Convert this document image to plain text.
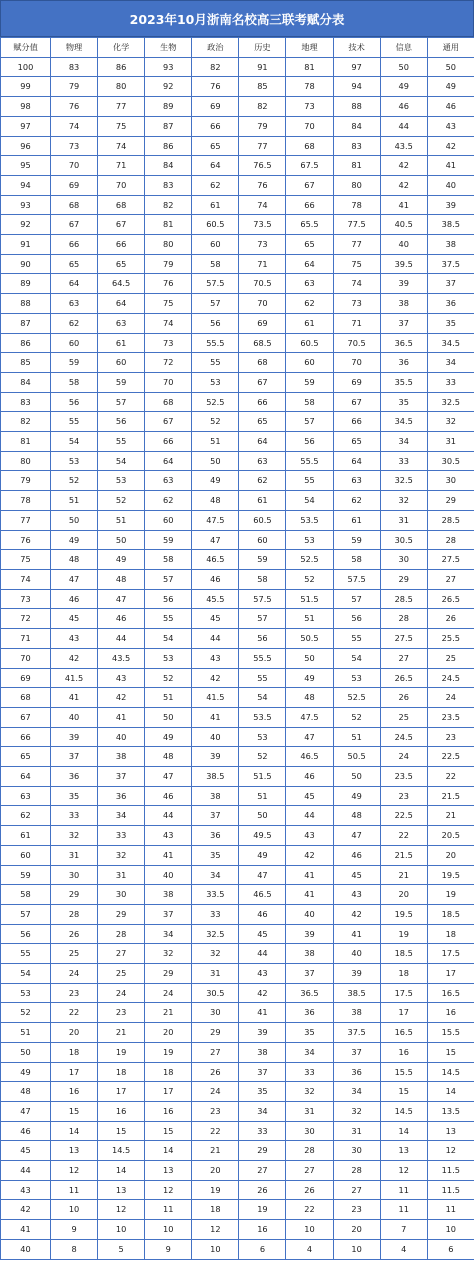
2023年10月浙南名校高三联考赋分表
赋分值	物理	化学	生物	政治	历史	地理	技术	信息	通用
100	83	86	93	82	91	81	97	50	50
99	79	80	92	76	85	78	94	49	49
98	76	77	89	69	82	73	88	46	46
97	74	75	87	66	79	70	84	44	43
96	73	74	86	65	77	68	83	43.5	42
95	70	71	84	64	76.5	67.5	81	42	41
94	69	70	83	62	76	67	80	42	40
93	68	68	82	61	74	66	78	41	39
92	67	67	81	60.5	73.5	65.5	77.5	40.5	38.5
91	66	66	80	60	73	65	77	40	38
90	65	65	79	58	71	64	75	39.5	37.5
89	64	64.5	76	57.5	70.5	63	74	39	37
88	63	64	75	57	70	62	73	38	36
87	62	63	74	56	69	61	71	37	35
86	60	61	73	55.5	68.5	60.5	70.5	36.5	34.5
85	59	60	72	55	68	60	70	36	34
84	58	59	70	53	67	59	69	35.5	33
83	56	57	68	52.5	66	58	67	35	32.5
82	55	56	67	52	65	57	66	34.5	32
81	54	55	66	51	64	56	65	34	31
80	53	54	64	50	63	55.5	64	33	30.5
79	52	53	63	49	62	55	63	32.5	30
78	51	52	62	48	61	54	62	32	29
77	50	51	60	47.5	60.5	53.5	61	31	28.5
76	49	50	59	47	60	53	59	30.5	28
75	48	49	58	46.5	59	52.5	58	30	27.5
74	47	48	57	46	58	52	57.5	29	27
73	46	47	56	45.5	57.5	51.5	57	28.5	26.5
72	45	46	55	45	57	51	56	28	26
71	43	44	54	44	56	50.5	55	27.5	25.5
70	42	43.5	53	43	55.5	50	54	27	25
69	41.5	43	52	42	55	49	53	26.5	24.5
68	41	42	51	41.5	54	48	52.5	26	24
67	40	41	50	41	53.5	47.5	52	25	23.5
66	39	40	49	40	53	47	51	24.5	23
65	37	38	48	39	52	46.5	50.5	24	22.5
64	36	37	47	38.5	51.5	46	50	23.5	22
63	35	36	46	38	51	45	49	23	21.5
62	33	34	44	37	50	44	48	22.5	21
61	32	33	43	36	49.5	43	47	22	20.5
60	31	32	41	35	49	42	46	21.5	20
59	30	31	40	34	47	41	45	21	19.5
58	29	30	38	33.5	46.5	41	43	20	19
57	28	29	37	33	46	40	42	19.5	18.5
56	26	28	34	32.5	45	39	41	19	18
55	25	27	32	32	44	38	40	18.5	17.5
54	24	25	29	31	43	37	39	18	17
53	23	24	24	30.5	42	36.5	38.5	17.5	16.5
52	22	23	21	30	41	36	38	17	16
51	20	21	20	29	39	35	37.5	16.5	15.5
50	18	19	19	27	38	34	37	16	15
49	17	18	18	26	37	33	36	15.5	14.5
48	16	17	17	24	35	32	34	15	14
47	15	16	16	23	34	31	32	14.5	13.5
46	14	15	15	22	33	30	31	14	13
45	13	14.5	14	21	29	28	30	13	12
44	12	14	13	20	27	27	28	12	11.5
43	11	13	12	19	26	26	27	11	11.5
42	10	12	11	18	19	22	23	11	11
41	9	10	10	12	16	10	20	7	10
40	8	5	9	10	6	4	10	4	6
